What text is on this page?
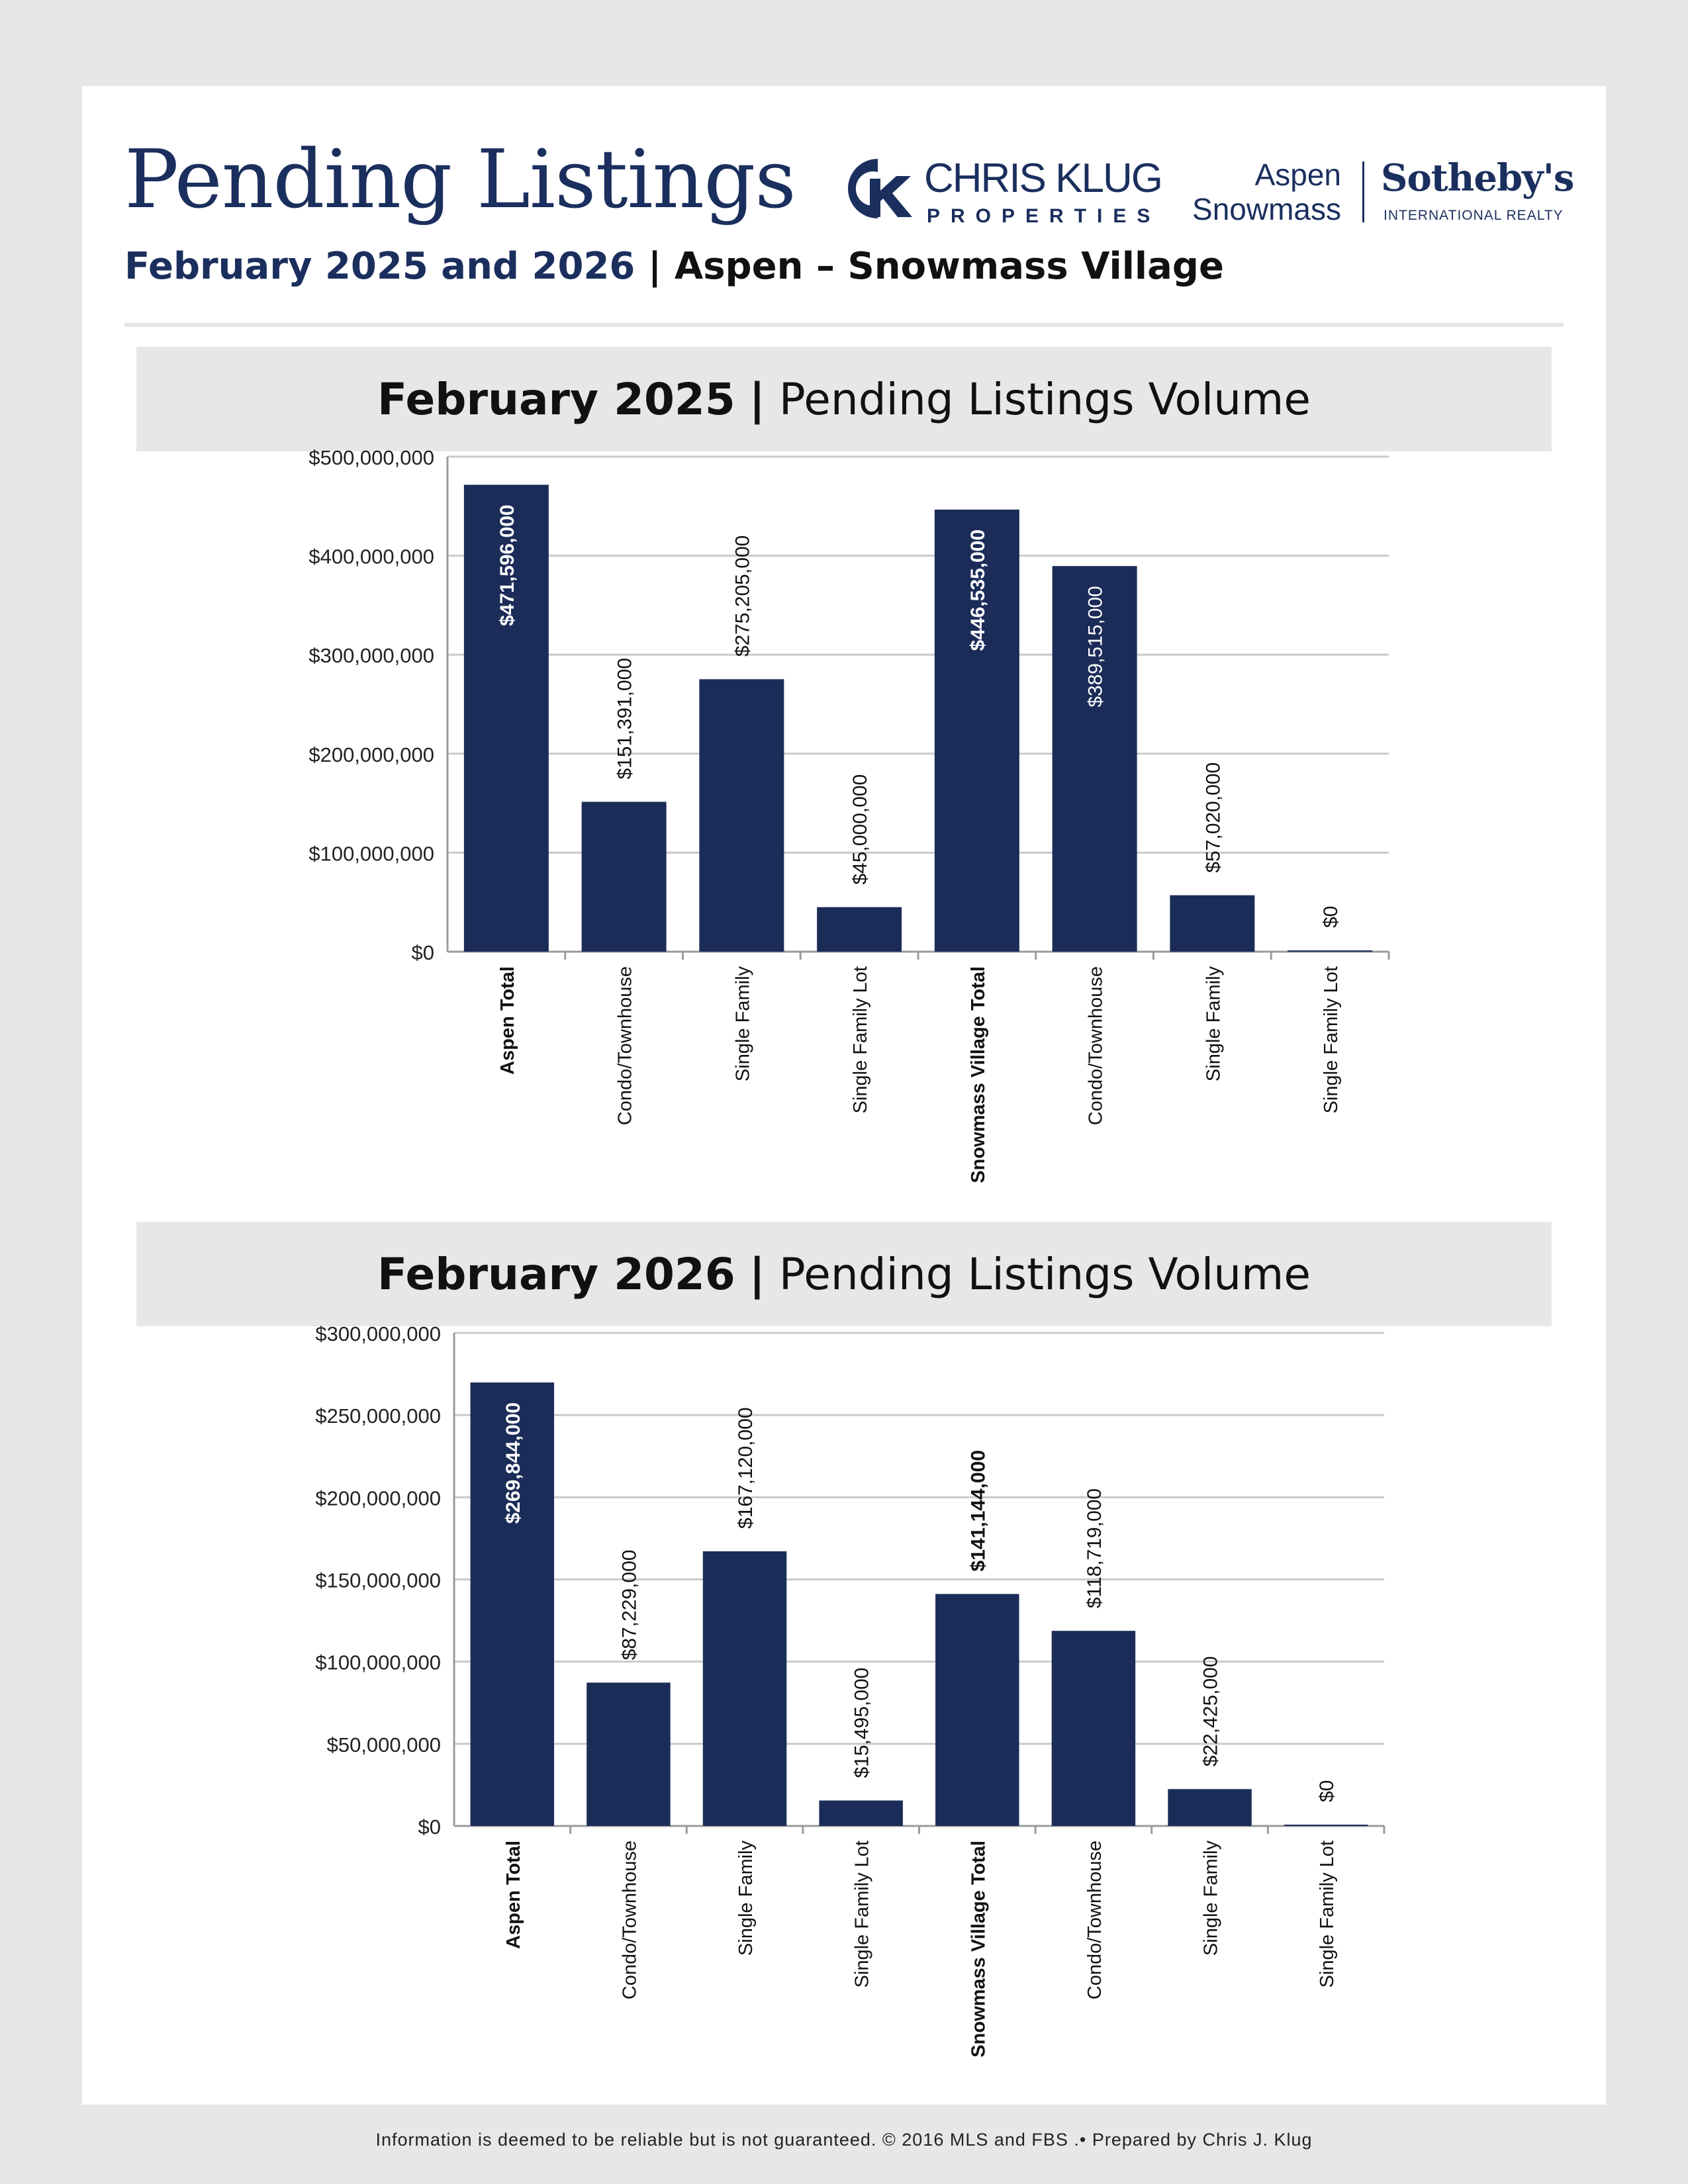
Pending Listings
February 2025 and 2026 | Aspen – Snowmass Village
CHRIS KLUG
PROPERTIES
Aspen
Snowmass
Sotheby's
INTERNATIONAL REALTY
February 2025
|
Pending Listings Volume
$0
$100,000,000
$200,000,000
$300,000,000
$400,000,000
$500,000,000
$471,596,000
Aspen Total
$151,391,000
Condo/Townhouse
$275,205,000
Single Family
$45,000,000
Single Family Lot
$446,535,000
Snowmass Village Total
$389,515,000
Condo/Townhouse
$57,020,000
Single Family
$0
Single Family Lot
February 2026
|
Pending Listings Volume
$0
$50,000,000
$100,000,000
$150,000,000
$200,000,000
$250,000,000
$300,000,000
$269,844,000
Aspen Total
$87,229,000
Condo/Townhouse
$167,120,000
Single Family
$15,495,000
Single Family Lot
$141,144,000
Snowmass Village Total
$118,719,000
Condo/Townhouse
$22,425,000
Single Family
$0
Single Family Lot
Information is deemed to be reliable but is not guaranteed. © 2016 MLS and FBS .• Prepared by Chris J. Klug
